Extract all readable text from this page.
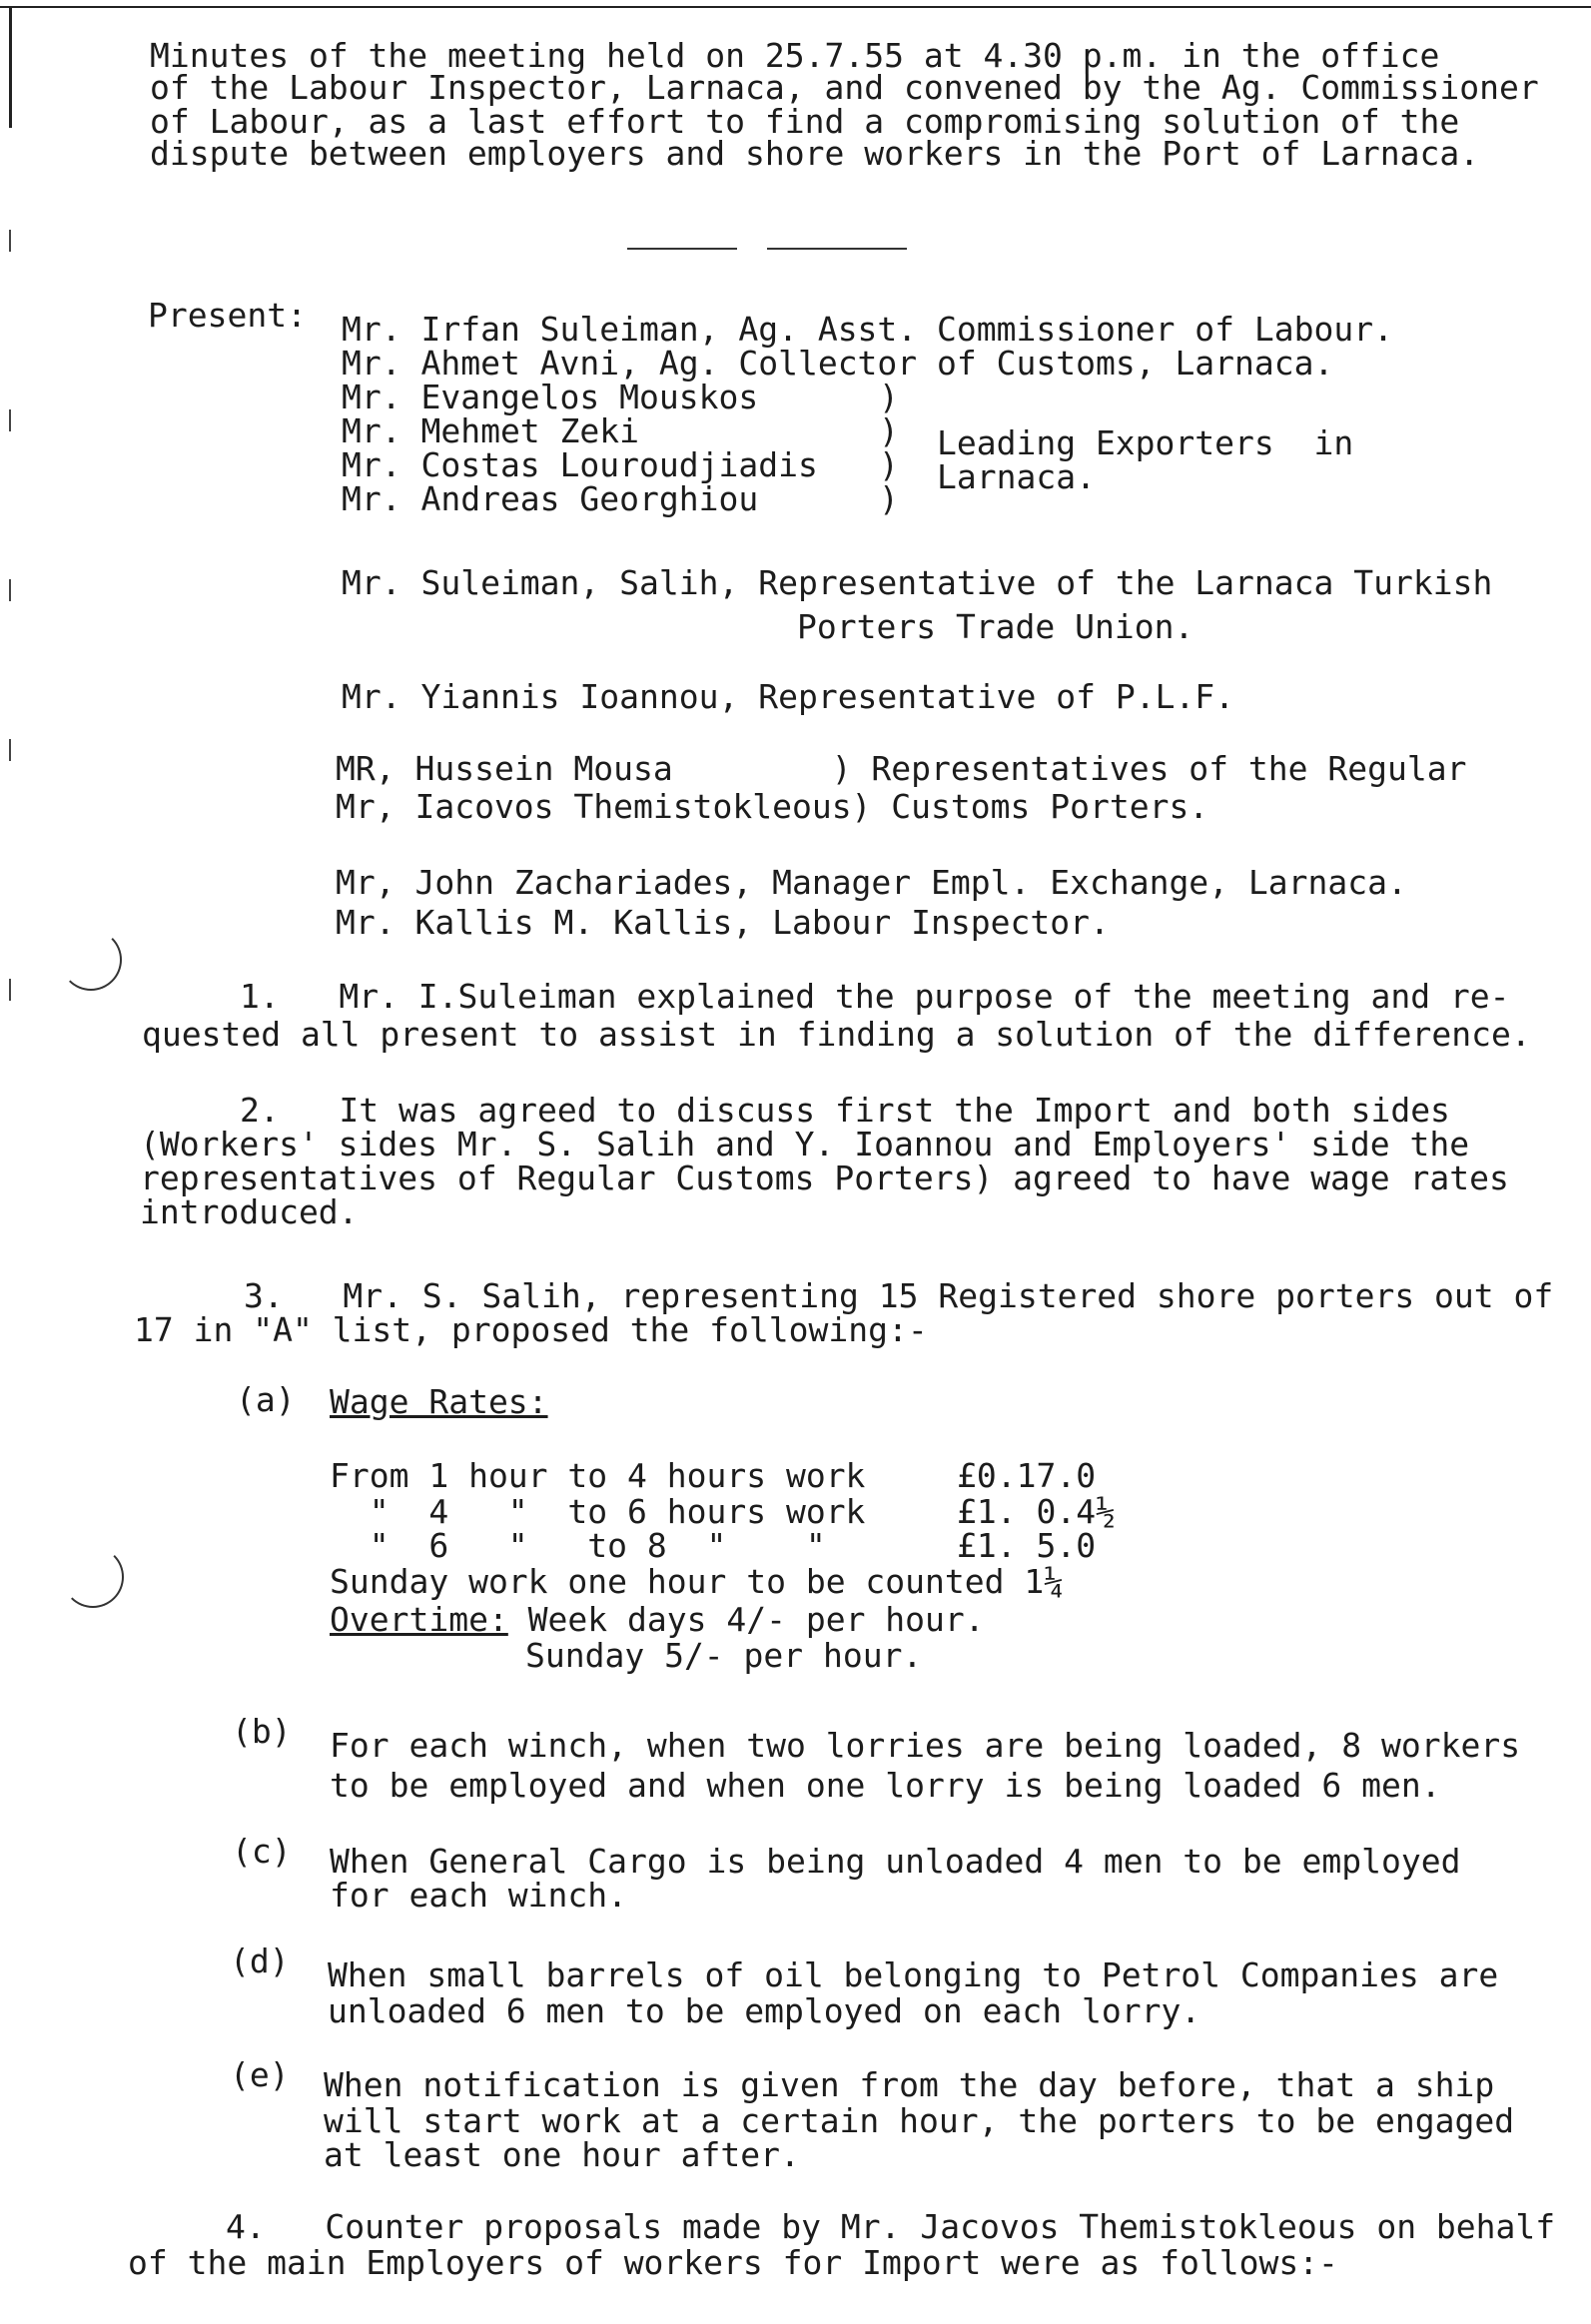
Minutes of the meeting held on 25.7.55 at 4.30 p.m. in the office
of the Labour Inspector, Larnaca, and convened by the Ag. Commissioner
of Labour, as a last effort to find a compromising solution of the
dispute between employers and shore workers in the Port of Larnaca.
Present: Mr. Irfan Suleiman, Ag. Asst. Commissioner of Labour.
Mr. Ahmet Avni, Ag. Collector of Customs, Larnaca.
Mr. Evangelos Mouskos
Mr. Mehmet Zeki
Mr. Costas Louroudjiadis
Mr. Andreas Georghiou
)
)
)
)
Leading Exporters  in
Larnaca.
Mr. Suleiman, Salih, Representative of the Larnaca Turkish
Porters Trade Union.
Mr. Yiannis Ioannou, Representative of P.L.F.
MR, Hussein Mousa        ) Representatives of the Regular
Mr, Iacovos Themistokleous) Customs Porters.
Mr, John Zachariades, Manager Empl. Exchange, Larnaca.
Mr. Kallis M. Kallis, Labour Inspector.
1.   Mr. I.Suleiman explained the purpose of the meeting and re-
quested all present to assist in finding a solution of the difference.
2.   It was agreed to discuss first the Import and both sides
(Workers' sides Mr. S. Salih and Y. Ioannou and Employers' side the
representatives of Regular Customs Porters) agreed to have wage rates
introduced.
3.   Mr. S. Salih, representing 15 Registered shore porters out of
17 in "A" list, proposed the following:-
(a) Wage Rates:
From 1 hour to 4 hours work	£0.17.0
"  4   "  to 6 hours work	£1. 0.4½
"  6   "   to 8  "    "	£1. 5.0
Sunday work one hour to be counted 1¼
Overtime: Week days 4/- per hour.
Sunday 5/- per hour.
(b) For each winch, when two lorries are being loaded, 8 workers
to be employed and when one lorry is being loaded 6 men.
(c) When General Cargo is being unloaded 4 men to be employed
for each winch.
(d) When small barrels of oil belonging to Petrol Companies are
unloaded 6 men to be employed on each lorry.
(e) When notification is given from the day before, that a ship
will start work at a certain hour, the porters to be engaged
at least one hour after.
4.   Counter proposals made by Mr. Jacovos Themistokleous on behalf
of the main Employers of workers for Import were as follows:-
